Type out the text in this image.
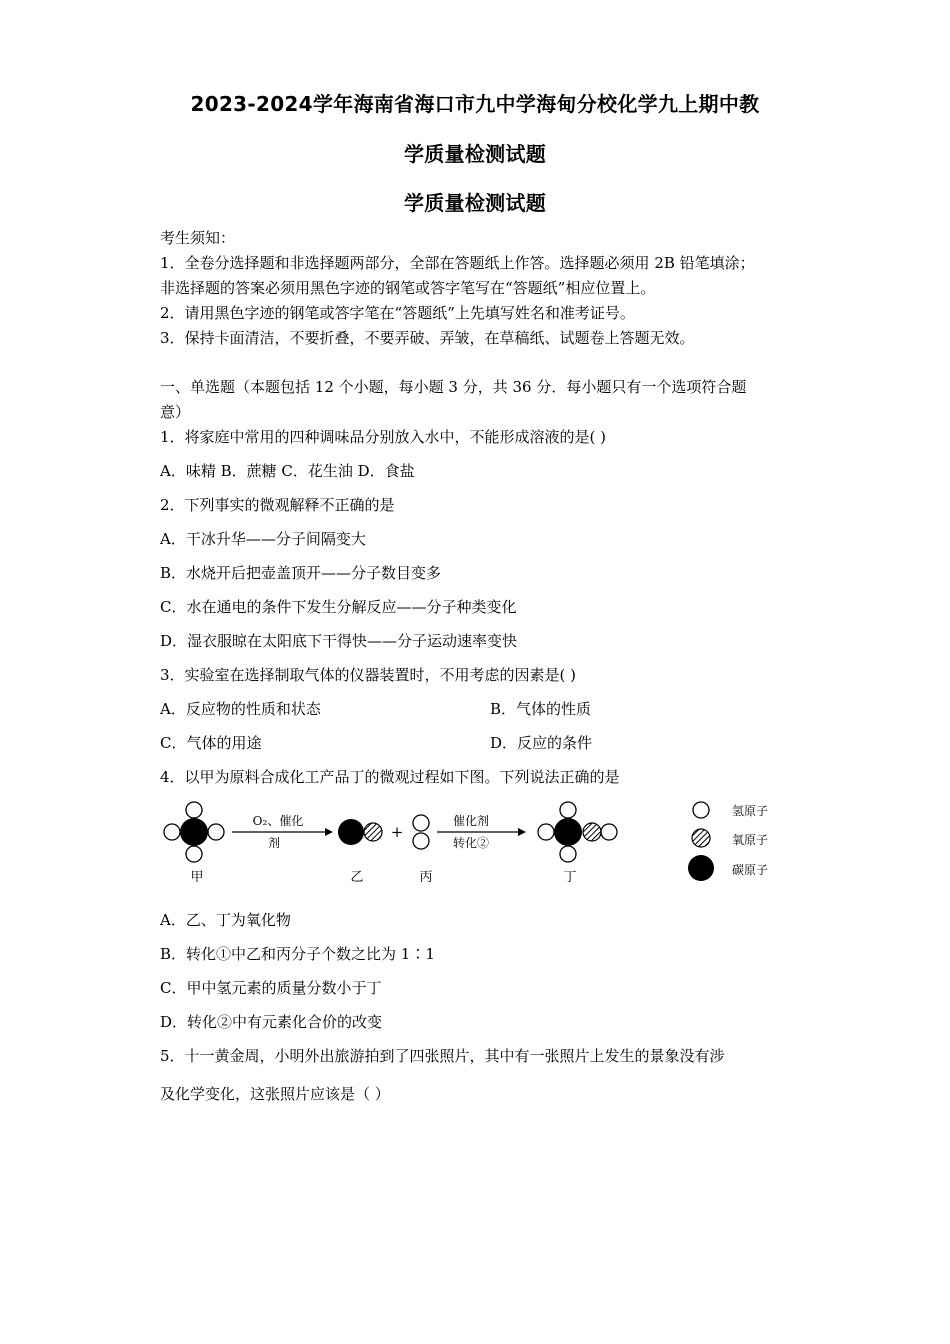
2023-2024学年海南省海口市九中学海甸分校化学九上期中教
学质量检测试题
学质量检测试题
考生须知：
1．全卷分选择题和非选择题两部分，全部在答题纸上作答。选择题必须用 2B 铅笔填涂；
非选择题的答案必须用黑色字迹的钢笔或答字笔写在“答题纸”相应位置上。
2．请用黑色字迹的钢笔或答字笔在“答题纸”上先填写姓名和准考证号。
3．保持卡面清洁，不要折叠，不要弄破、弄皱，在草稿纸、试题卷上答题无效。
一、单选题（本题包括 12 个小题，每小题 3 分，共 36 分．每小题只有一个选项符合题
意）
1．将家庭中常用的四种调味品分别放入水中，不能形成溶液的是( )
A．味精 B．蔗糖 C．花生油 D．食盐
2．下列事实的微观解释不正确的是
A．干冰升华——分子间隔变大
B．水烧开后把壶盖顶开——分子数目变多
C．水在通电的条件下发生分解反应——分子种类变化
D．湿衣服晾在太阳底下干得快——分子运动速率变快
3．实验室在选择制取气体的仪器装置时，不用考虑的因素是( )
A．反应物的性质和状态	B．气体的性质
C．气体的用途	D．反应的条件
4．以甲为原料合成化工产品丁的微观过程如下图。下列说法正确的是
O₂、催化
剂
+
催化剂
转化②
甲	乙	丙	丁
氢原子
氧原子
碳原子
A．乙、丁为氧化物
B．转化①中乙和丙分子个数之比为 1∶1
C．甲中氢元素的质量分数小于丁
D．转化②中有元素化合价的改变
5．十一黄金周，小明外出旅游拍到了四张照片，其中有一张照片上发生的景象没有涉
及化学变化，这张照片应该是（ ）
